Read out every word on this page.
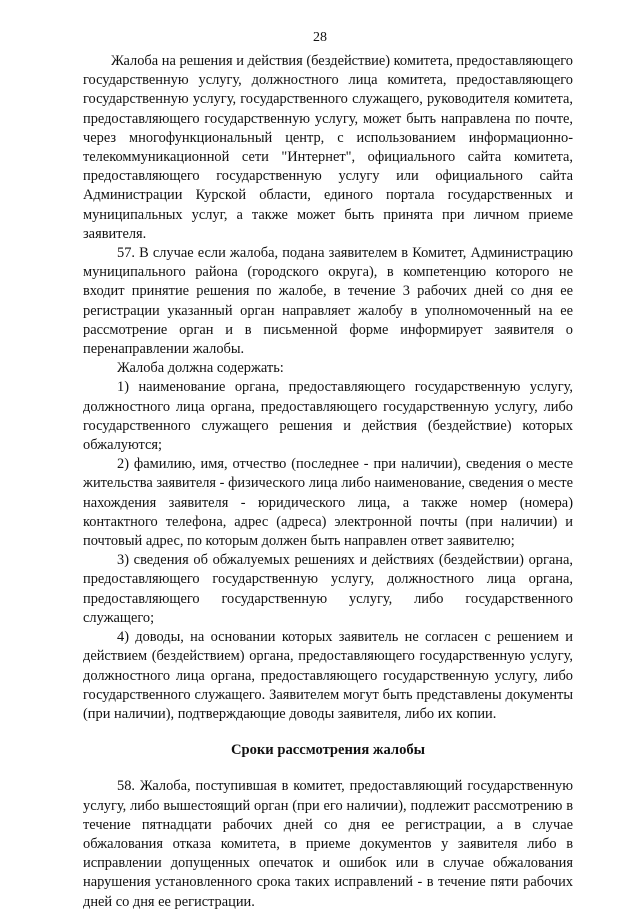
28

Жалоба на решения и действия (бездействие) комитета, предоставляющего государственную услугу, должностного лица комитета, предоставляющего государственную услугу, государственного служащего, руководителя комитета, предоставляющего государственную услугу, может быть направлена по почте, через многофункциональный центр, с использованием информационно-телекоммуникационной сети "Интернет", официального сайта комитета, предоставляющего государственную услугу или официального сайта Администрации Курской области, единого портала государственных и муниципальных услуг, а также может быть принята при личном приеме заявителя.

57. В случае если жалоба, подана заявителем в Комитет, Администрацию муниципального района (городского округа), в компетенцию которого не входит принятие решения по жалобе, в течение 3 рабочих дней со дня ее регистрации указанный орган направляет жалобу в уполномоченный на ее рассмотрение орган и в письменной форме информирует заявителя о перенаправлении жалобы.

Жалоба должна содержать:

1) наименование органа, предоставляющего государственную услугу, должностного лица органа, предоставляющего государственную услугу, либо государственного служащего решения и действия (бездействие) которых обжалуются;

2) фамилию, имя, отчество (последнее - при наличии), сведения о месте жительства заявителя - физического лица либо наименование, сведения о месте нахождения заявителя - юридического лица, а также номер (номера) контактного телефона, адрес (адреса) электронной почты (при наличии) и почтовый адрес, по которым должен быть направлен ответ заявителю;

3) сведения об обжалуемых решениях и действиях (бездействии) органа, предоставляющего государственную услугу, должностного лица органа, предоставляющего государственную услугу, либо государственного служащего;

4) доводы, на основании которых заявитель не согласен с решением и действием (бездействием) органа, предоставляющего государственную услугу, должностного лица органа, предоставляющего государственную услугу, либо государственного служащего. Заявителем могут быть представлены документы (при наличии), подтверждающие доводы заявителя, либо их копии.

Сроки рассмотрения жалобы

58. Жалоба, поступившая в комитет, предоставляющий государственную услугу, либо вышестоящий орган (при его наличии), подлежит рассмотрению в течение пятнадцати рабочих дней со дня ее регистрации, а в случае обжалования отказа комитета, в приеме документов у заявителя либо в исправлении допущенных опечаток и ошибок или в случае обжалования нарушения установленного срока таких исправлений - в течение пяти рабочих дней со дня ее регистрации.
